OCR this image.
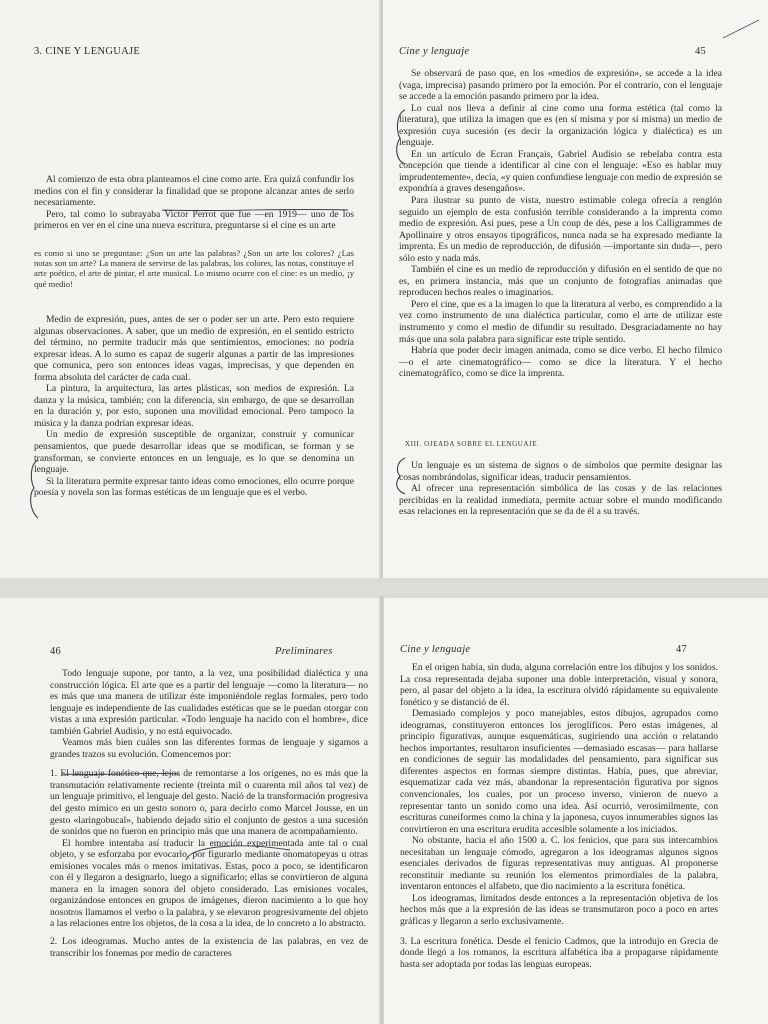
3. CINE Y LENGUAJE

Al comienzo de esta obra planteamos el cine como arte. Era quizá confundir los medios con el fin y considerar la finalidad que se propone alcanzar antes de serlo necesariamente.

Pero, tal como lo subrayaba Victor Perrot que fue —en 1919— uno de los primeros en ver en el cine una nueva escritura, preguntarse si el cine es un arte

es como si uno se preguntase: ¿Son un arte las palabras? ¿Son un arte los colores? ¿Las notas son un arte? La manera de servirse de las palabras, los colores, las notas, constituye el arte poético, el arte de pintar, el arte musical. Lo mismo ocurre con el cine: es un medio, ¡y qué medio!

Medio de expresión, pues, antes de ser o poder ser un arte. Pero esto requiere algunas observaciones. A saber, que un medio de expresión, en el sentido estricto del término, no permite traducir más que sentimientos, emociones: no podría expresar ideas. A lo sumo es capaz de sugerir algunas a partir de las impresiones que comunica, pero son entonces ideas vagas, imprecisas, y que dependen en forma absoluta del carácter de cada cual.

La pintura, la arquitectura, las artes plásticas, son medios de expresión. La danza y la música, también; con la diferencia, sin embargo, de que se desarrollan en la duración y, por esto, suponen una movilidad emocional. Pero tampoco la música y la danza podrían expresar ideas.

Un medio de expresión susceptible de organizar, construir y comunicar pensamientos, que puede desarrollar ideas que se modifican, se forman y se transforman, se convierte entonces en un lenguaje, es lo que se denomina un lenguaje.

Si la literatura permite expresar tanto ideas como emociones, ello ocurre porque poesía y novela son las formas estéticas de un lenguaje que es el verbo.

Cine y lenguaje	45

Se observará de paso que, en los «medios de expresión», se accede a la idea (vaga, imprecisa) pasando primero por la emoción. Por el contrario, con el lenguaje se accede a la emoción pasando primero por la idea.

Lo cual nos lleva a definir al cine como una forma estética (tal como la literatura), que utiliza la imagen que es (en sí misma y por sí misma) un medio de expresión cuya sucesión (es decir la organización lógica y dialéctica) es un lenguaje.

En un artículo de Ecran Français, Gabriel Audisio se rebelaba contra esta concepción que tiende a identificar al cine con el lenguaje: «Eso es hablar muy imprudentemente», decía, «y quien confundiese lenguaje con medio de expresión se expondría a graves desengaños».

Para ilustrar su punto de vista, nuestro estimable colega ofrecía a renglón seguido un ejemplo de esta confusión terrible considerando a la imprenta como medio de expresión. Así pues, pese a Un coup de dés, pese a los Calligrammes de Apollinaire y otros ensayos tipográficos, nunca nada se ha expresado mediante la imprenta. Es un medio de reproducción, de difusión —importante sin duda—, pero sólo esto y nada más.

También el cine es un medio de reproducción y difusión en el sentido de que no es, en primera instancia, más que un conjunto de fotografías animadas que reproducen hechos reales o imaginarios.

Pero el cine, que es a la imagen lo que la literatura al verbo, es comprendido a la vez como instrumento de una dialéctica particular, como el arte de utilizar este instrumento y como el medio de difundir su resultado. Desgraciadamente no hay más que una sola palabra para significar este triple sentido.

Habría que poder decir imagen animada, como se dice verbo. El hecho fílmico —o el arte cinematográfico— como se dice la literatura. Y el hecho cinematográfico, como se dice la imprenta.

XIII. OJEADA SOBRE EL LENGUAJE

Un lenguaje es un sistema de signos o de símbolos que permite designar las cosas nombrándolas, significar ideas, traducir pensamientos.

Al ofrecer una representación simbólica de las cosas y de las relaciones percibidas en la realidad inmediata, permite actuar sobre el mundo modificando esas relaciones en la representación que se da de él a su través.

46	Preliminares

Todo lenguaje supone, por tanto, a la vez, una posibilidad dialéctica y una construcción lógica. El arte que es a partir del lenguaje —como la literatura— no es más que una manera de utilizar éste imponiéndole reglas formales, pero todo lenguaje es independiente de las cualidades estéticas que se le puedan otorgar con vistas a una expresión particular. «Todo lenguaje ha nacido con el hombre», dice también Gabriel Audisio, y no está equivocado.

Veamos más bien cuáles son las diferentes formas de lenguaje y sigamos a grandes trazos su evolución. Comencemos por:

1. El lenguaje fonético que, lejos de remontarse a los orígenes, no es más que la transmutación relativamente reciente (treinta mil o cuarenta mil años tal vez) de un lenguaje primitivo, el lenguaje del gesto. Nació de la transformación progresiva del gesto mímico en un gesto sonoro o, para decirlo como Marcel Jousse, en un gesto «laringobucal», habiendo dejado sitio el conjunto de gestos a una sucesión de sonidos que no fueron en principio más que una manera de acompañamiento.

El hombre intentaba así traducir la emoción experimentada ante tal o cual objeto, y se esforzaba por evocarlo, por figurarlo mediante onomatopeyas u otras emisiones vocales más o menos imitativas. Estas, poco a poco, se identificaron con él y llegaron a designarlo, luego a significarlo; ellas se convirtieron de alguna manera en la imagen sonora del objeto considerado. Las emisiones vocales, organizándose entonces en grupos de imágenes, dieron nacimiento a lo que hoy nosotros llamamos el verbo o la palabra, y se elevaron progresivamente del objeto a las relaciones entre los objetos, de la cosa a la idea, de lo concreto a lo abstracto.

2. Los ideogramas. Mucho antes de la existencia de las palabras, en vez de transcribir los fonemas por medio de caracteres

Cine y lenguaje	47

En el origen había, sin duda, alguna correlación entre los dibujos y los sonidos. La cosa representada dejaba suponer una doble interpretación, visual y sonora, pero, al pasar del objeto a la idea, la escritura olvidó rápidamente su equivalente fonético y se distanció de él.

Demasiado complejos y poco manejables, estos dibujos, agrupados como ideogramas, constituyeron entonces los jeroglíficos. Pero estas imágenes, al principio figurativas, aunque esquemáticas, sugiriendo una acción o relatando hechos importantes, resultaron insuficientes —demasiado escasas— para hallarse en condiciones de seguir las modalidades del pensamiento, para significar sus diferentes aspectos en formas siempre distintas. Había, pues, que abreviar, esquematizar cada vez más, abandonar la representación figurativa por signos convencionales, los cuales, por un proceso inverso, vinieron de nuevo a representar tanto un sonido como una idea. Así ocurrió, verosímilmente, con escrituras cuneiformes como la china y la japonesa, cuyos innumerables signos las convirtieron en una escritura erudita accesible solamente a los iniciados.

No obstante, hacia el año 1500 a. C. los fenicios, que para sus intercambios necesitaban un lenguaje cómodo, agregaron a los ideogramas algunos signos esenciales derivados de figuras representativas muy antiguas. Al proponerse reconstituir mediante su reunión los elementos primordiales de la palabra, inventaron entonces el alfabeto, que dio nacimiento a la escritura fonética.

Los ideogramas, limitados desde entonces a la representación objetiva de los hechos más que a la expresión de las ideas se transmutaron poco a poco en artes gráficas y llegaron a serlo exclusivamente.

3. La escritura fonética. Desde el fenicio Cadmos, que la introdujo en Grecia de donde llegó a los romanos, la escritura alfabética iba a propagarse rápidamente hasta ser adoptada por todas las lenguas europeas.
